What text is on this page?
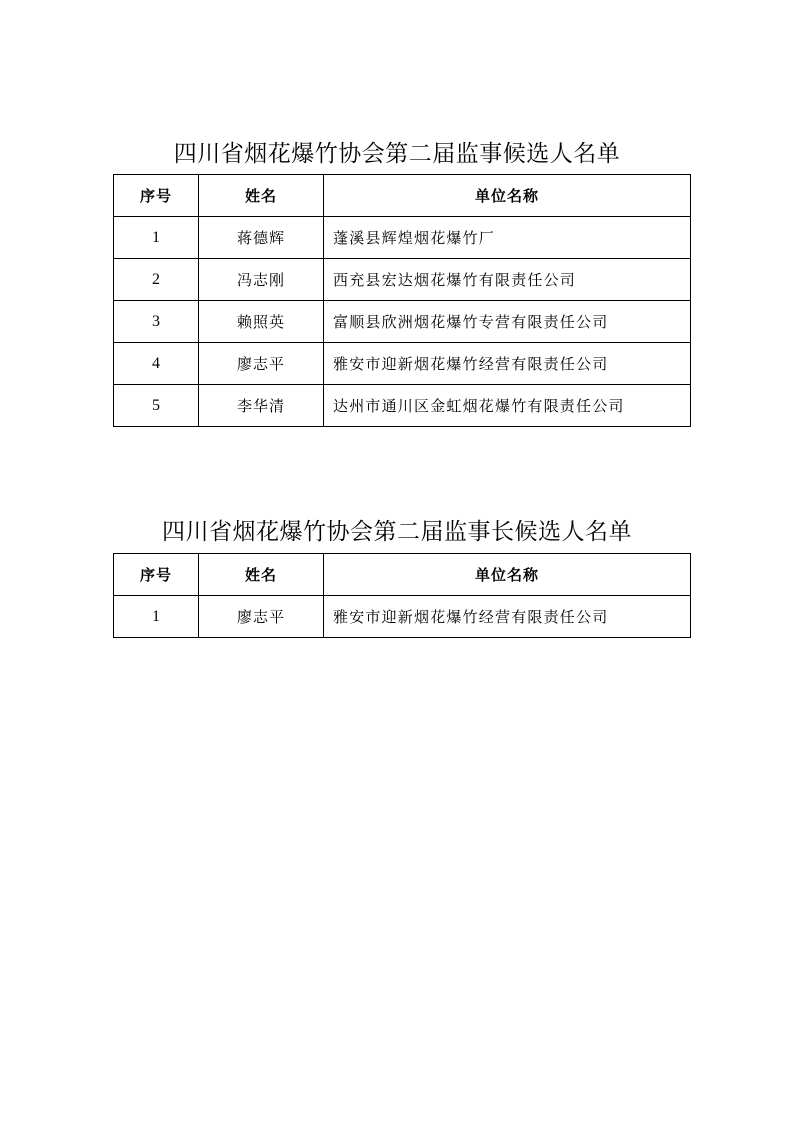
四川省烟花爆竹协会第二届监事候选人名单
序号	姓名	单位名称
1	蒋德辉	蓬溪县辉煌烟花爆竹厂
2	冯志刚	西充县宏达烟花爆竹有限责任公司
3	赖照英	富顺县欣洲烟花爆竹专营有限责任公司
4	廖志平	雅安市迎新烟花爆竹经营有限责任公司
5	李华清	达州市通川区金虹烟花爆竹有限责任公司
四川省烟花爆竹协会第二届监事长候选人名单
序号	姓名	单位名称
1	廖志平	雅安市迎新烟花爆竹经营有限责任公司
